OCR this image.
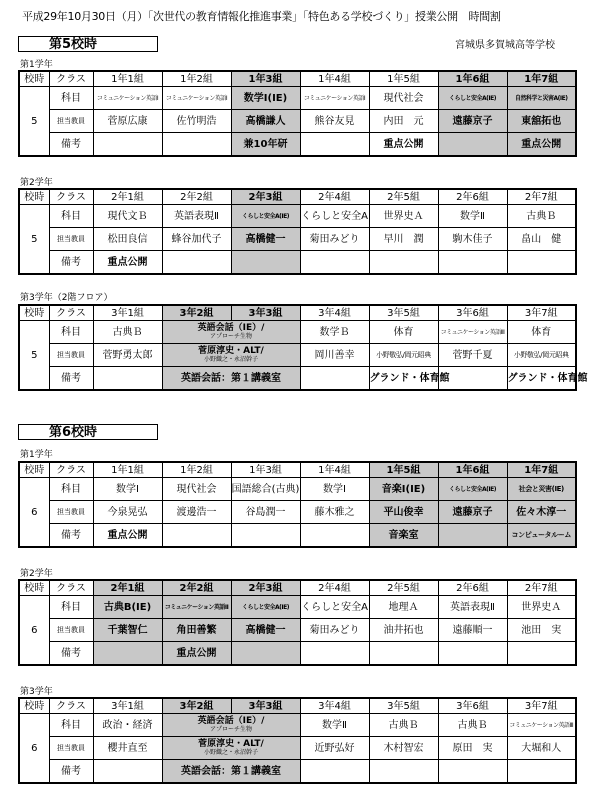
平成29年10月30日（月）「次世代の教育情報化推進事業」「特色ある学校づくり」授業公開　時間割
宮城県多賀城高等学校
第5校時
第1学年
校時	クラス	1年1組	1年2組	1年3組	1年4組	1年5組	1年6組	1年7組
5	科目	コミュニケーション英語Ⅰ	コミュニケーション英語Ⅰ	数学Ⅰ(IE)	コミュニケーション英語Ⅰ	現代社会	くらしと安全A(IE)	自然科学と災害A(IE)
	担当教員	菅原広康	佐竹明浩	高橋謙人	熊谷友見	内田　元	遠藤京子	東舘拓也
	備考			兼10年研		重点公開		重点公開
第2学年
校時	クラス	2年1組	2年2組	2年3組	2年4組	2年5組	2年6組	2年7組
5	科目	現代文Ｂ	英語表現Ⅱ	くらしと安全A(IE)	くらしと安全A	世界史Ａ	数学Ⅱ	古典Ｂ
	担当教員	松田良信	蜂谷加代子	高橋健一	菊田みどり	早川　潤	駒木佳子	畠山　健
	備考	重点公開						
第3学年（2階フロア）
校時	クラス	3年1組	3年2組	3年3組	3年4組	3年5組	3年6組	3年7組
5	科目	古典Ｂ	英語会話（IE）/
アプローチ生物		数学Ｂ	体育	コミュニケーション英語Ⅲ	体育
	担当教員	菅野勇太郎	菅原淳史・ALT/
小野織之・永沼幹子		岡川善幸	小野敬弘/岡元昭典	菅野千夏	小野敬弘/岡元昭典
	備考		英語会話：第１講義室			グランド・体育館		グランド・体育館
第6校時
第1学年
校時	クラス	1年1組	1年2組	1年3組	1年4組	1年5組	1年6組	1年7組
6	科目	数学Ⅰ	現代社会	国語総合(古典)	数学Ⅰ	音楽Ⅰ(IE)	くらしと安全A(IE)	社会と災害(IE)
	担当教員	今泉晃弘	渡邊浩一	谷島潤一	藤木雅之	平山俊幸	遠藤京子	佐々木淳一
	備考	重点公開				音楽室		コンピュータルーム
第2学年
校時	クラス	2年1組	2年2組	2年3組	2年4組	2年5組	2年6組	2年7組
6	科目	古典B(IE)	コミュニケーション英語Ⅱ	くらしと安全A(IE)	くらしと安全A	地理Ａ	英語表現Ⅱ	世界史Ａ
	担当教員	千葉智仁	角田善繁	高橋健一	菊田みどり	油井拓也	遠藤順一	池田　実
	備考		重点公開					
第3学年
校時	クラス	3年1組	3年2組	3年3組	3年4組	3年5組	3年6組	3年7組
6	科目	政治・経済	英語会話（IE）/
アプローチ生物		数学Ⅱ	古典Ｂ	古典Ｂ	コミュニケーション英語Ⅲ
	担当教員	櫻井直至	菅原淳史・ALT/
小野織之・永沼幹子		近野弘好	木村智宏	原田　実	大堀和人
	備考		英語会話：第１講義室					
